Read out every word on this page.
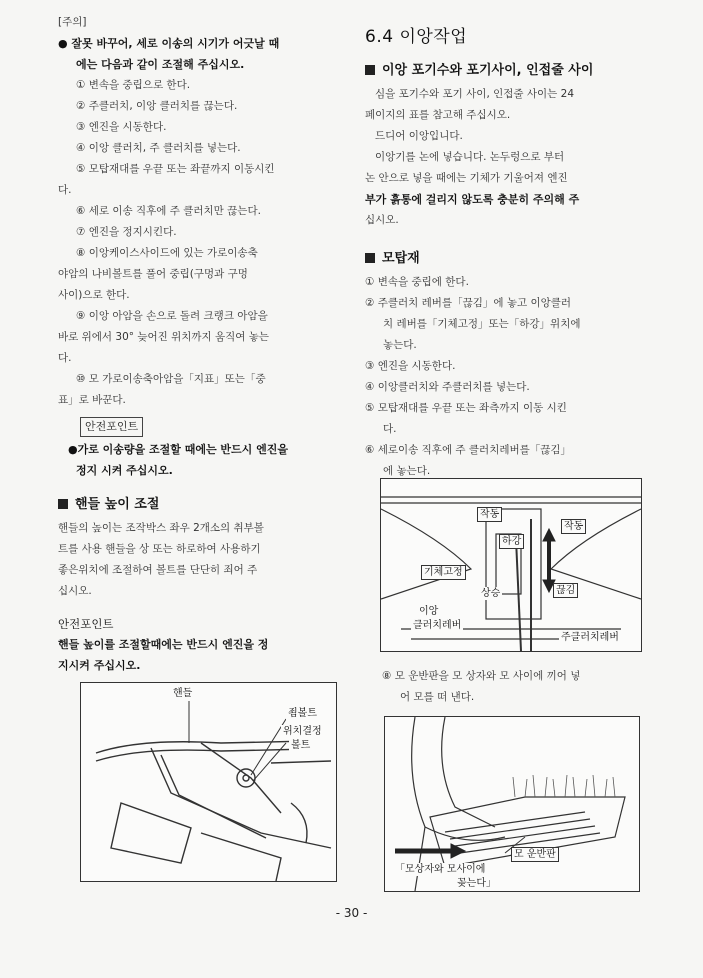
[주의]

● 잘못 바꾸어, 세로 이송의 시기가 어긋날 때

에는 다음과 같이 조절해 주십시오.

① 변속을 중립으로 한다.

② 주클러치, 이앙 클러치를 끊는다.

③ 엔진을 시동한다.

④ 이앙 클러치, 주 클러치를 넣는다.

⑤ 모탑재대를 우끝 또는 좌끝까지 이동시킨

다.

⑥ 세로 이송 직후에 주 클러치만 끊는다.

⑦ 엔진을 정지시킨다.

⑧ 이앙케이스사이드에 있는 가로이송축

야암의 나비볼트를 풀어 중립(구멍과 구멍

사이)으로 한다.

⑨ 이앙 아암을 손으로 돌려 크랭크 아암을

바로 위에서 30° 늦어진 위치까지 움직여 놓는

다.

⑩ 모 가로이송축아암을「지표」또는「중

표」로 바꾼다.

안전포인트

●가로 이송량을 조절할 때에는 반드시 엔진을

정지 시켜 주십시오.

핸들 높이 조절

핸들의 높이는 조작박스 좌우 2개소의 취부볼

트를 사용 핸들을 상 또는 하로하여 사용하기

좋은위치에 조절하여 볼트를 단단히 죄어 주

십시오.

안전포인트

핸들 높이를 조절할때에는 반드시 엔진을 정

지시켜 주십시오.

핸들
죔볼트
위치결정
볼트
6.4 이앙작업
이앙 포기수와 포기사이, 인접줄 사이

심을 포기수와 포기 사이, 인접줄 사이는 24

페이지의 표를 참고해 주십시오.

드디어 이앙입니다.

이앙기를 논에 넣습니다. 논두렁으로 부터

논 안으로 넣을 때에는 기체가 기울어져 엔진

부가 흙통에 걸리지 않도록 충분히 주의해 주

십시오.

모탑재

① 변속을 중립에 한다.

② 주클러치 레버를「끊김」에 놓고 이앙클러

치 레버를「기체고정」또는「하강」위치에

놓는다.

③ 엔진을 시동한다.

④ 이앙클러치와 주클러치를 넣는다.

⑤ 모탑재대를 우끝 또는 좌측까지 이동 시킨

다.

⑥ 세로이송 직후에 주 클러치레버를「끊김」

에 놓는다.

작동
작동
하강
기체고정
상승	끊김
이앙
클러치레버
주클러치레버

⑧ 모 운반판을 모 상자와 모 사이에 끼어 넣

어 모를 떠 낸다.

모 운반판
「모상자와 모사이에
꽂는다」
- 30 -
